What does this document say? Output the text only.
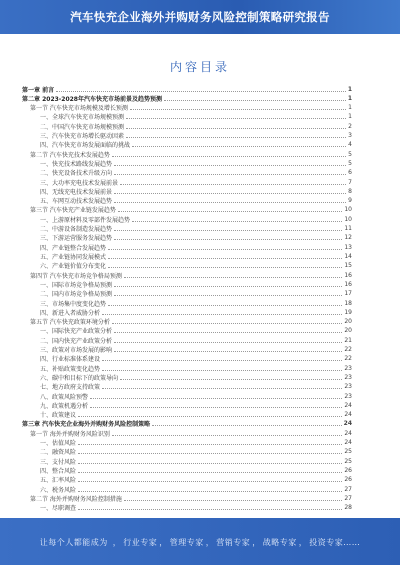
汽车快充企业海外并购财务风险控制策略研究报告
内容目录
第一章 前言	1
第二章 2023-2028年汽车快充市场前景及趋势预测	1
第一节 汽车快充市场规模及增长预测	1
一、全球汽车快充市场规模预测	1
二、中国汽车快充市场规模预测	2
三、汽车快充市场增长驱动因素	3
四、汽车快充市场发展面临的挑战	4
第二节 汽车快充技术发展趋势	5
一、快充技术路线发展趋势	5
二、快充设备技术升级方向	6
三、大功率充电技术发展前景	7
四、无线充电技术发展前景	8
五、车网互动技术发展趋势	9
第三节 汽车快充产业链发展趋势	10
一、上游原材料及零部件发展趋势	10
二、中游设备制造发展趋势	11
三、下游运营服务发展趋势	12
四、产业链整合发展趋势	13
五、产业链协同发展模式	14
六、产业链价值分布变化	15
第四节 汽车快充市场竞争格局预测	16
一、国际市场竞争格局预测	16
二、国内市场竞争格局预测	17
三、市场集中度变化趋势	18
四、新进入者威胁分析	19
第五节 汽车快充政策环境分析	20
一、国际快充产业政策分析	20
二、国内快充产业政策分析	21
三、政策对市场发展的影响	22
四、行业标准体系建设	22
五、补贴政策变化趋势	23
六、碳中和目标下的政策导向	23
七、地方政府支持政策	23
八、政策风险预警	23
九、政策机遇分析	24
十、政策建议	24
第三章 汽车快充企业海外并购财务风险控制策略	24
第一节 海外并购财务风险识别	24
一、估值风险	24
二、融资风险	25
三、支付风险	25
四、整合风险	26
五、汇率风险	26
六、税务风险	27
第二节 海外并购财务风险控制措施	27
一、尽职调查	28
让每个人都能成为 ， 行业专家 ， 管理专家 ， 营销专家 ， 战略专家 ， 投资专家……
